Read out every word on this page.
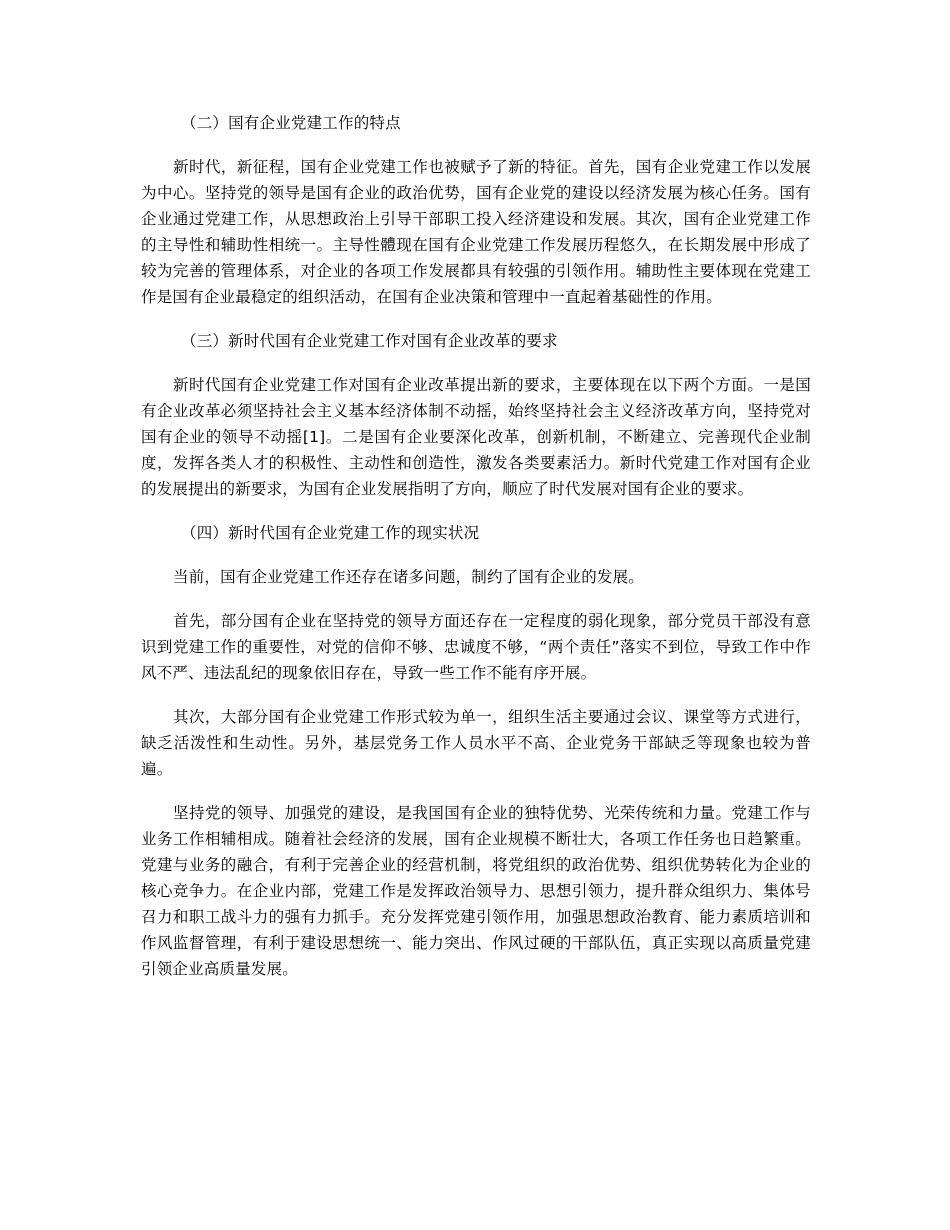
（二）国有企业党建工作的特点

新时代，新征程，国有企业党建工作也被赋予了新的特征。首先，国有企业党建工作以发展为中心。坚持党的领导是国有企业的政治优势，国有企业党的建设以经济发展为核心任务。国有企业通过党建工作，从思想政治上引导干部职工投入经济建设和发展。其次，国有企业党建工作的主导性和辅助性相统一。主导性體现在国有企业党建工作发展历程悠久，在长期发展中形成了较为完善的管理体系，对企业的各项工作发展都具有较强的引领作用。辅助性主要体现在党建工作是国有企业最稳定的组织活动，在国有企业决策和管理中一直起着基础性的作用。

（三）新时代国有企业党建工作对国有企业改革的要求

新时代国有企业党建工作对国有企业改革提出新的要求，主要体现在以下两个方面。一是国有企业改革必须坚持社会主义基本经济体制不动摇，始终坚持社会主义经济改革方向，坚持党对国有企业的领导不动摇[1]。二是国有企业要深化改革，创新机制，不断建立、完善现代企业制度，发挥各类人才的积极性、主动性和创造性，激发各类要素活力。新时代党建工作对国有企业的发展提出的新要求，为国有企业发展指明了方向，顺应了时代发展对国有企业的要求。

（四）新时代国有企业党建工作的现实状况

当前，国有企业党建工作还存在诸多问题，制约了国有企业的发展。

首先，部分国有企业在坚持党的领导方面还存在一定程度的弱化现象，部分党员干部没有意识到党建工作的重要性，对党的信仰不够、忠诚度不够，“两个责任”落实不到位，导致工作中作风不严、违法乱纪的现象依旧存在，导致一些工作不能有序开展。

其次，大部分国有企业党建工作形式较为单一，组织生活主要通过会议、课堂等方式进行，缺乏活泼性和生动性。另外，基层党务工作人员水平不高、企业党务干部缺乏等现象也较为普遍。

坚持党的领导、加强党的建设，是我国国有企业的独特优势、光荣传统和力量。党建工作与业务工作相辅相成。随着社会经济的发展，国有企业规模不断壮大，各项工作任务也日趋繁重。党建与业务的融合，有利于完善企业的经营机制，将党组织的政治优势、组织优势转化为企业的核心竞争力。在企业内部，党建工作是发挥政治领导力、思想引领力，提升群众组织力、集体号召力和职工战斗力的强有力抓手。充分发挥党建引领作用，加强思想政治教育、能力素质培训和作风监督管理，有利于建设思想统一、能力突出、作风过硬的干部队伍，真正实现以高质量党建引领企业高质量发展。
